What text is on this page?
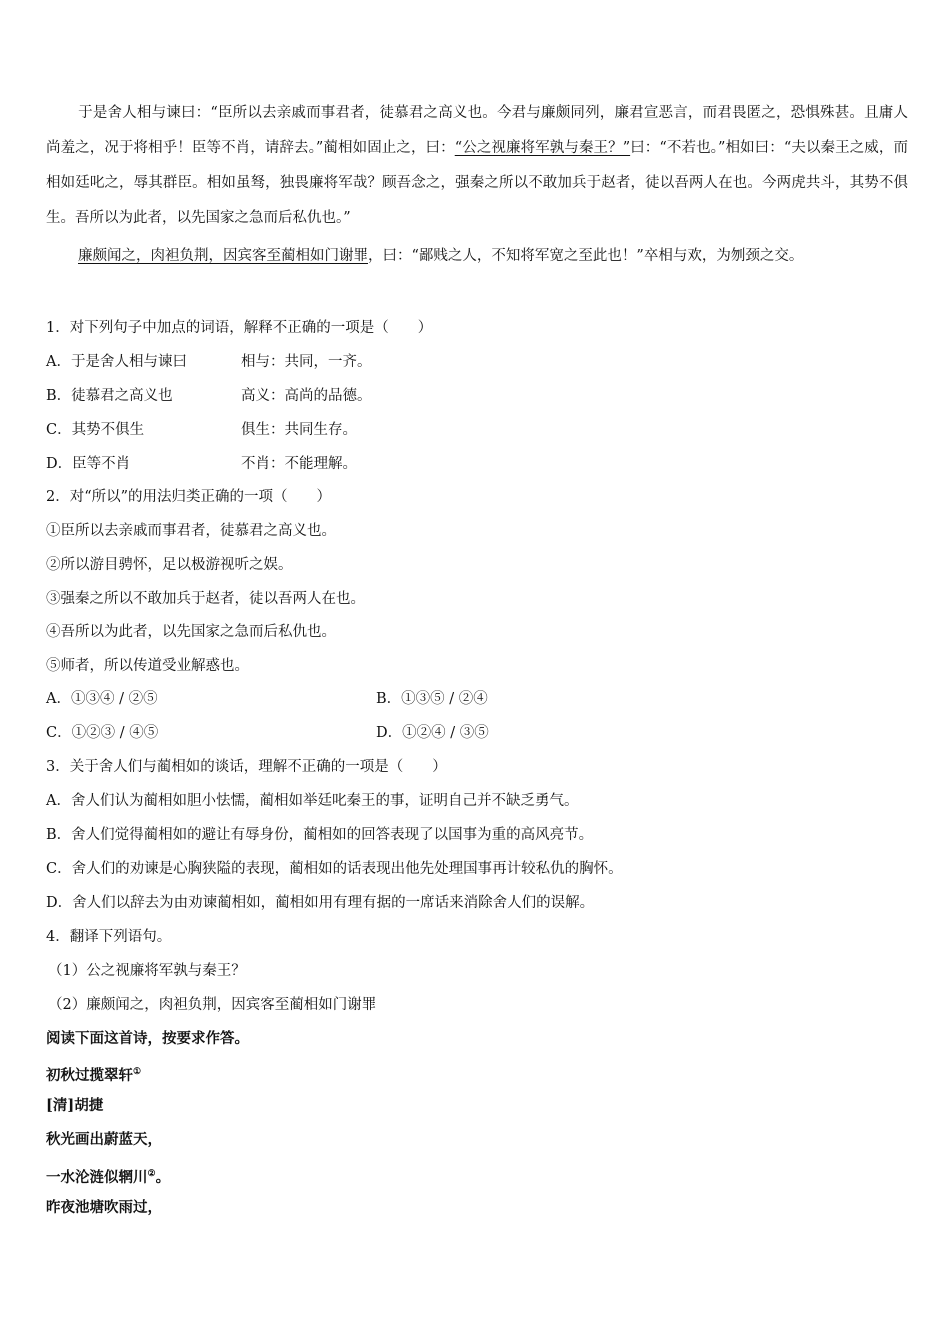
于是舍人相与谏曰：“臣所以去亲戚而事君者，徒慕君之高义也。今君与廉颇同列，廉君宣恶言，而君畏匿之，恐惧殊甚。且庸人尚羞之，况于将相乎！臣等不肖，请辞去。”蔺相如固止之，曰：“公之视廉将军孰与秦王？”曰：“不若也。”相如曰：“夫以秦王之威，而相如廷叱之，辱其群臣。相如虽驽，独畏廉将军哉？顾吾念之，强秦之所以不敢加兵于赵者，徒以吾两人在也。今两虎共斗，其势不俱生。吾所以为此者，以先国家之急而后私仇也。”
廉颇闻之，肉袒负荆，因宾客至蔺相如门谢罪，曰：“鄙贱之人，不知将军宽之至此也！”卒相与欢，为刎颈之交。
1．对下列句子中加点的词语，解释不正确的一项是（　　）
A．于是舍人相与谏曰	相与：共同，一齐。
B．徒慕君之高义也	高义：高尚的品德。
C．其势不俱生	俱生：共同生存。
D．臣等不肖	不肖：不能理解。
2．对“所以”的用法归类正确的一项（　　）
①臣所以去亲戚而事君者，徒慕君之高义也。
②所以游目骋怀，足以极游视听之娱。
③强秦之所以不敢加兵于赵者，徒以吾两人在也。
④吾所以为此者，以先国家之急而后私仇也。
⑤师者，所以传道受业解惑也。
A．①③④ / ②⑤	B．①③⑤ / ②④
C．①②③ / ④⑤	D．①②④ / ③⑤
3．关于舍人们与蔺相如的谈话，理解不正确的一项是（　　）
A．舍人们认为蔺相如胆小怯懦，蔺相如举廷叱秦王的事，证明自己并不缺乏勇气。
B．舍人们觉得蔺相如的避让有辱身份，蔺相如的回答表现了以国事为重的高风亮节。
C．舍人们的劝谏是心胸狭隘的表现，蔺相如的话表现出他先处理国事再计较私仇的胸怀。
D．舍人们以辞去为由劝谏蔺相如，蔺相如用有理有据的一席话来消除舍人们的误解。
4．翻译下列语句。
（1）公之视廉将军孰与秦王？
（2）廉颇闻之，肉袒负荆，因宾客至蔺相如门谢罪
阅读下面这首诗，按要求作答。
初秋过揽翠轩①
[清]胡捷
秋光画出蔚蓝天，
一水沦涟似辋川②。
昨夜池塘吹雨过，
